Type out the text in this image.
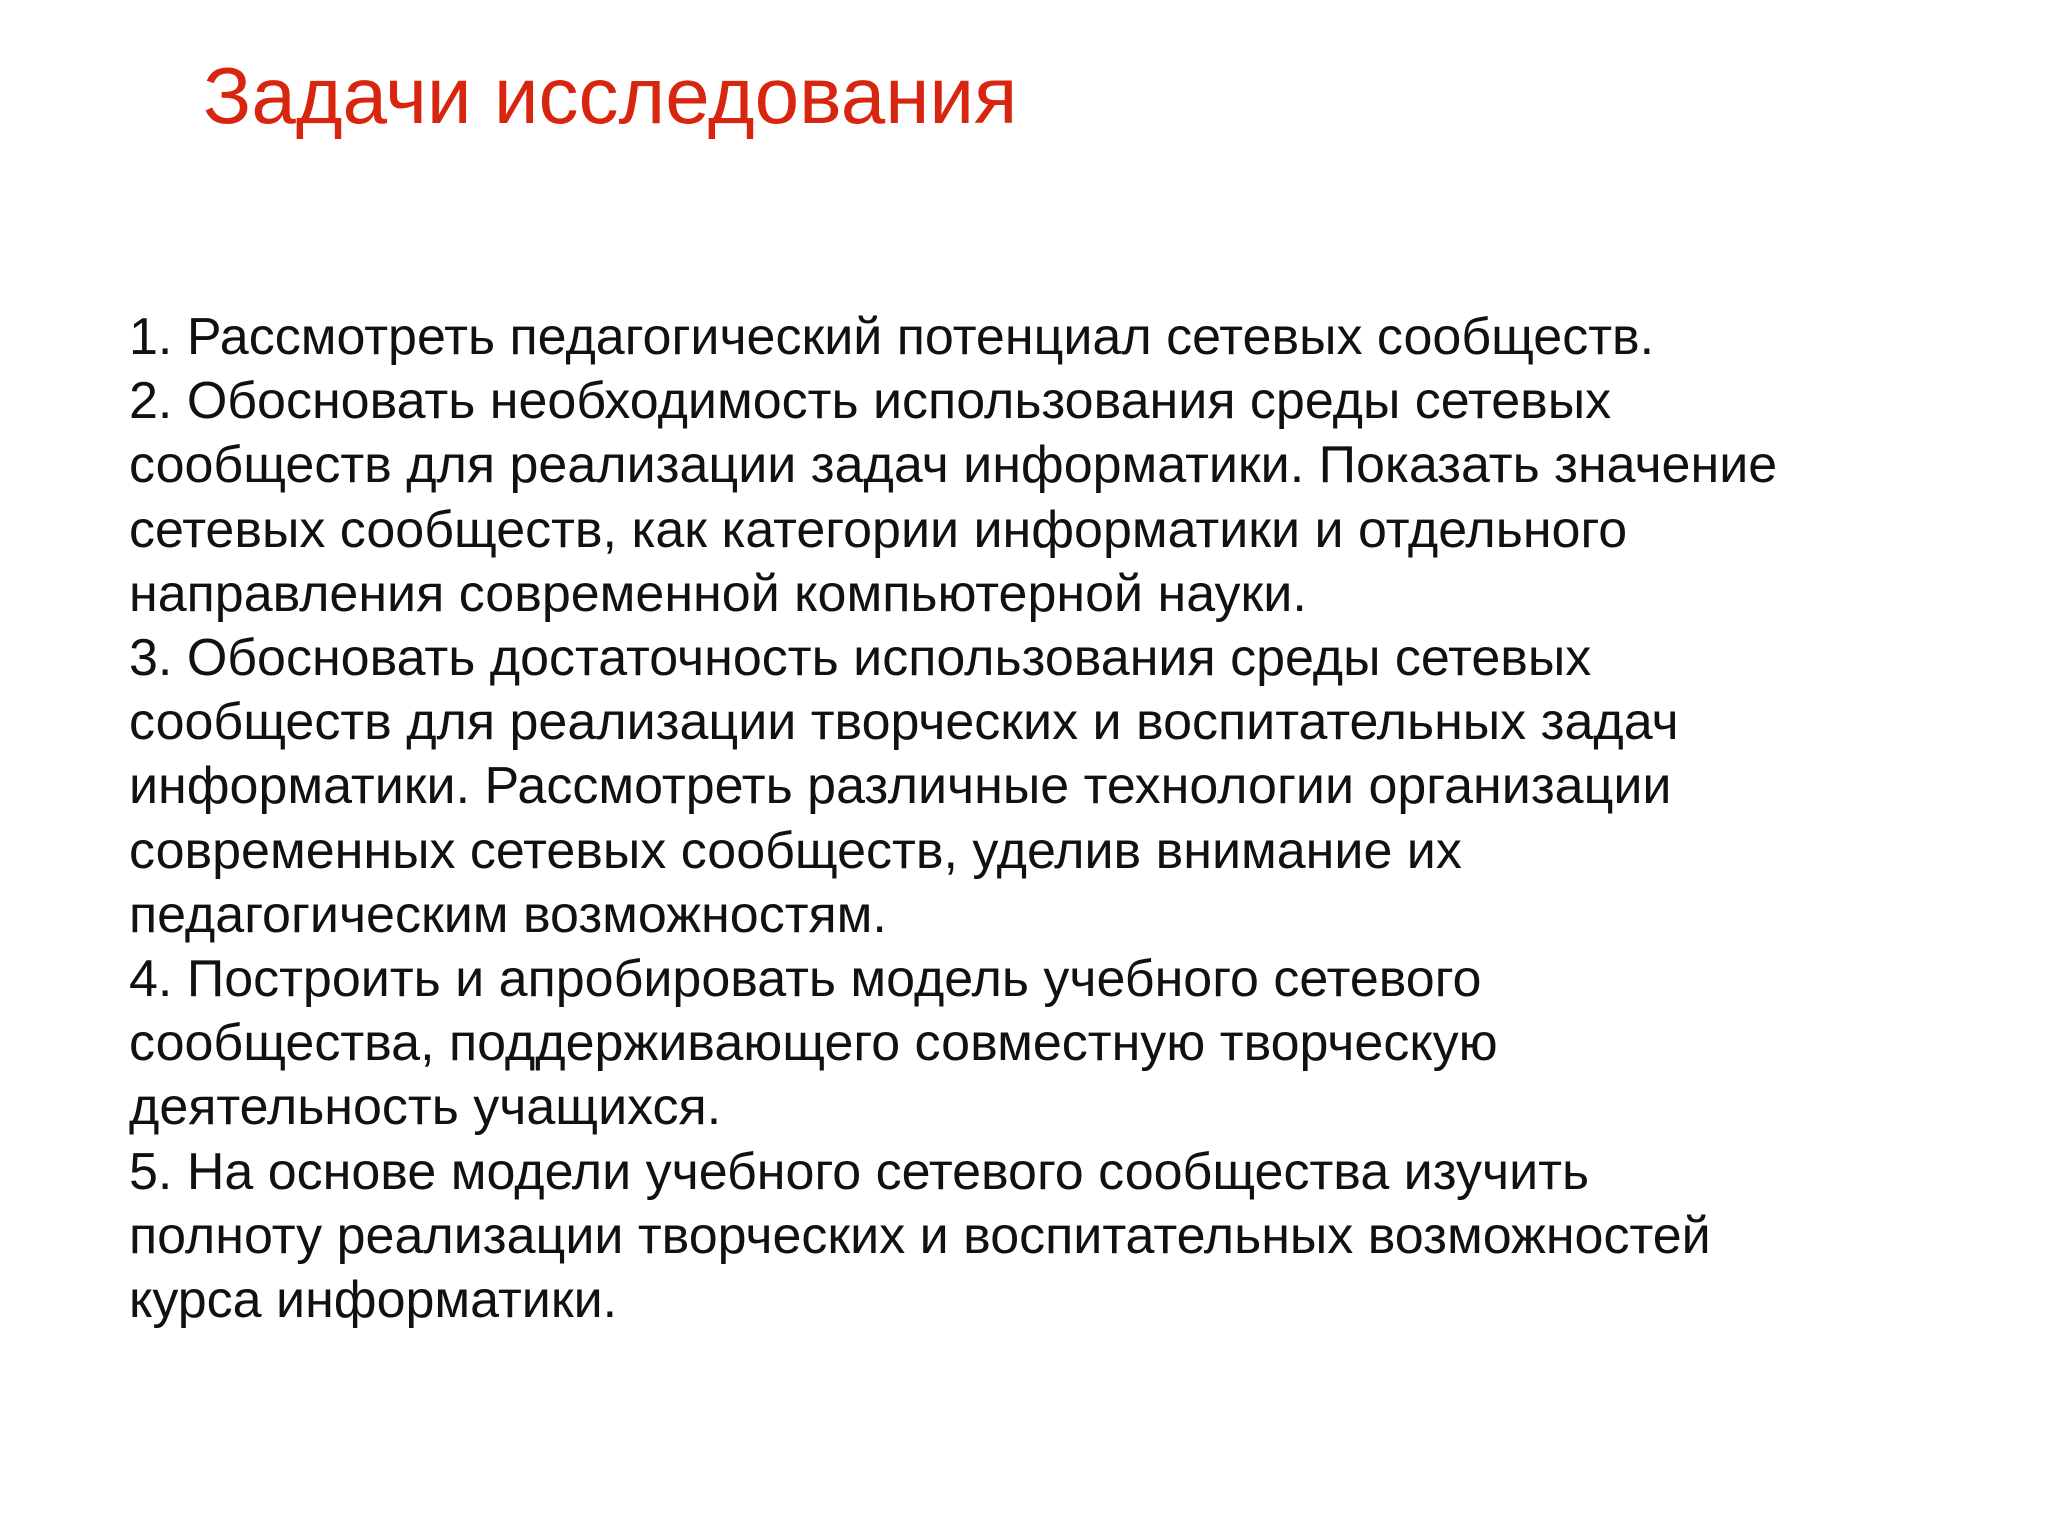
Задачи исследования
1. Рассмотреть педагогический потенциал сетевых сообществ.
2. Обосновать необходимость использования среды сетевых
сообществ для реализации задач информатики. Показать значение
сетевых сообществ, как категории информатики и отдельного
направления современной компьютерной науки.
3. Обосновать достаточность использования среды сетевых
сообществ для реализации творческих и воспитательных задач
информатики. Рассмотреть различные технологии организации
современных сетевых сообществ, уделив внимание их
педагогическим возможностям.
4. Построить и апробировать модель учебного сетевого
сообщества, поддерживающего совместную творческую
деятельность учащихся.
5. На основе модели учебного сетевого сообщества изучить
полноту реализации творческих и воспитательных возможностей
курса информатики.
